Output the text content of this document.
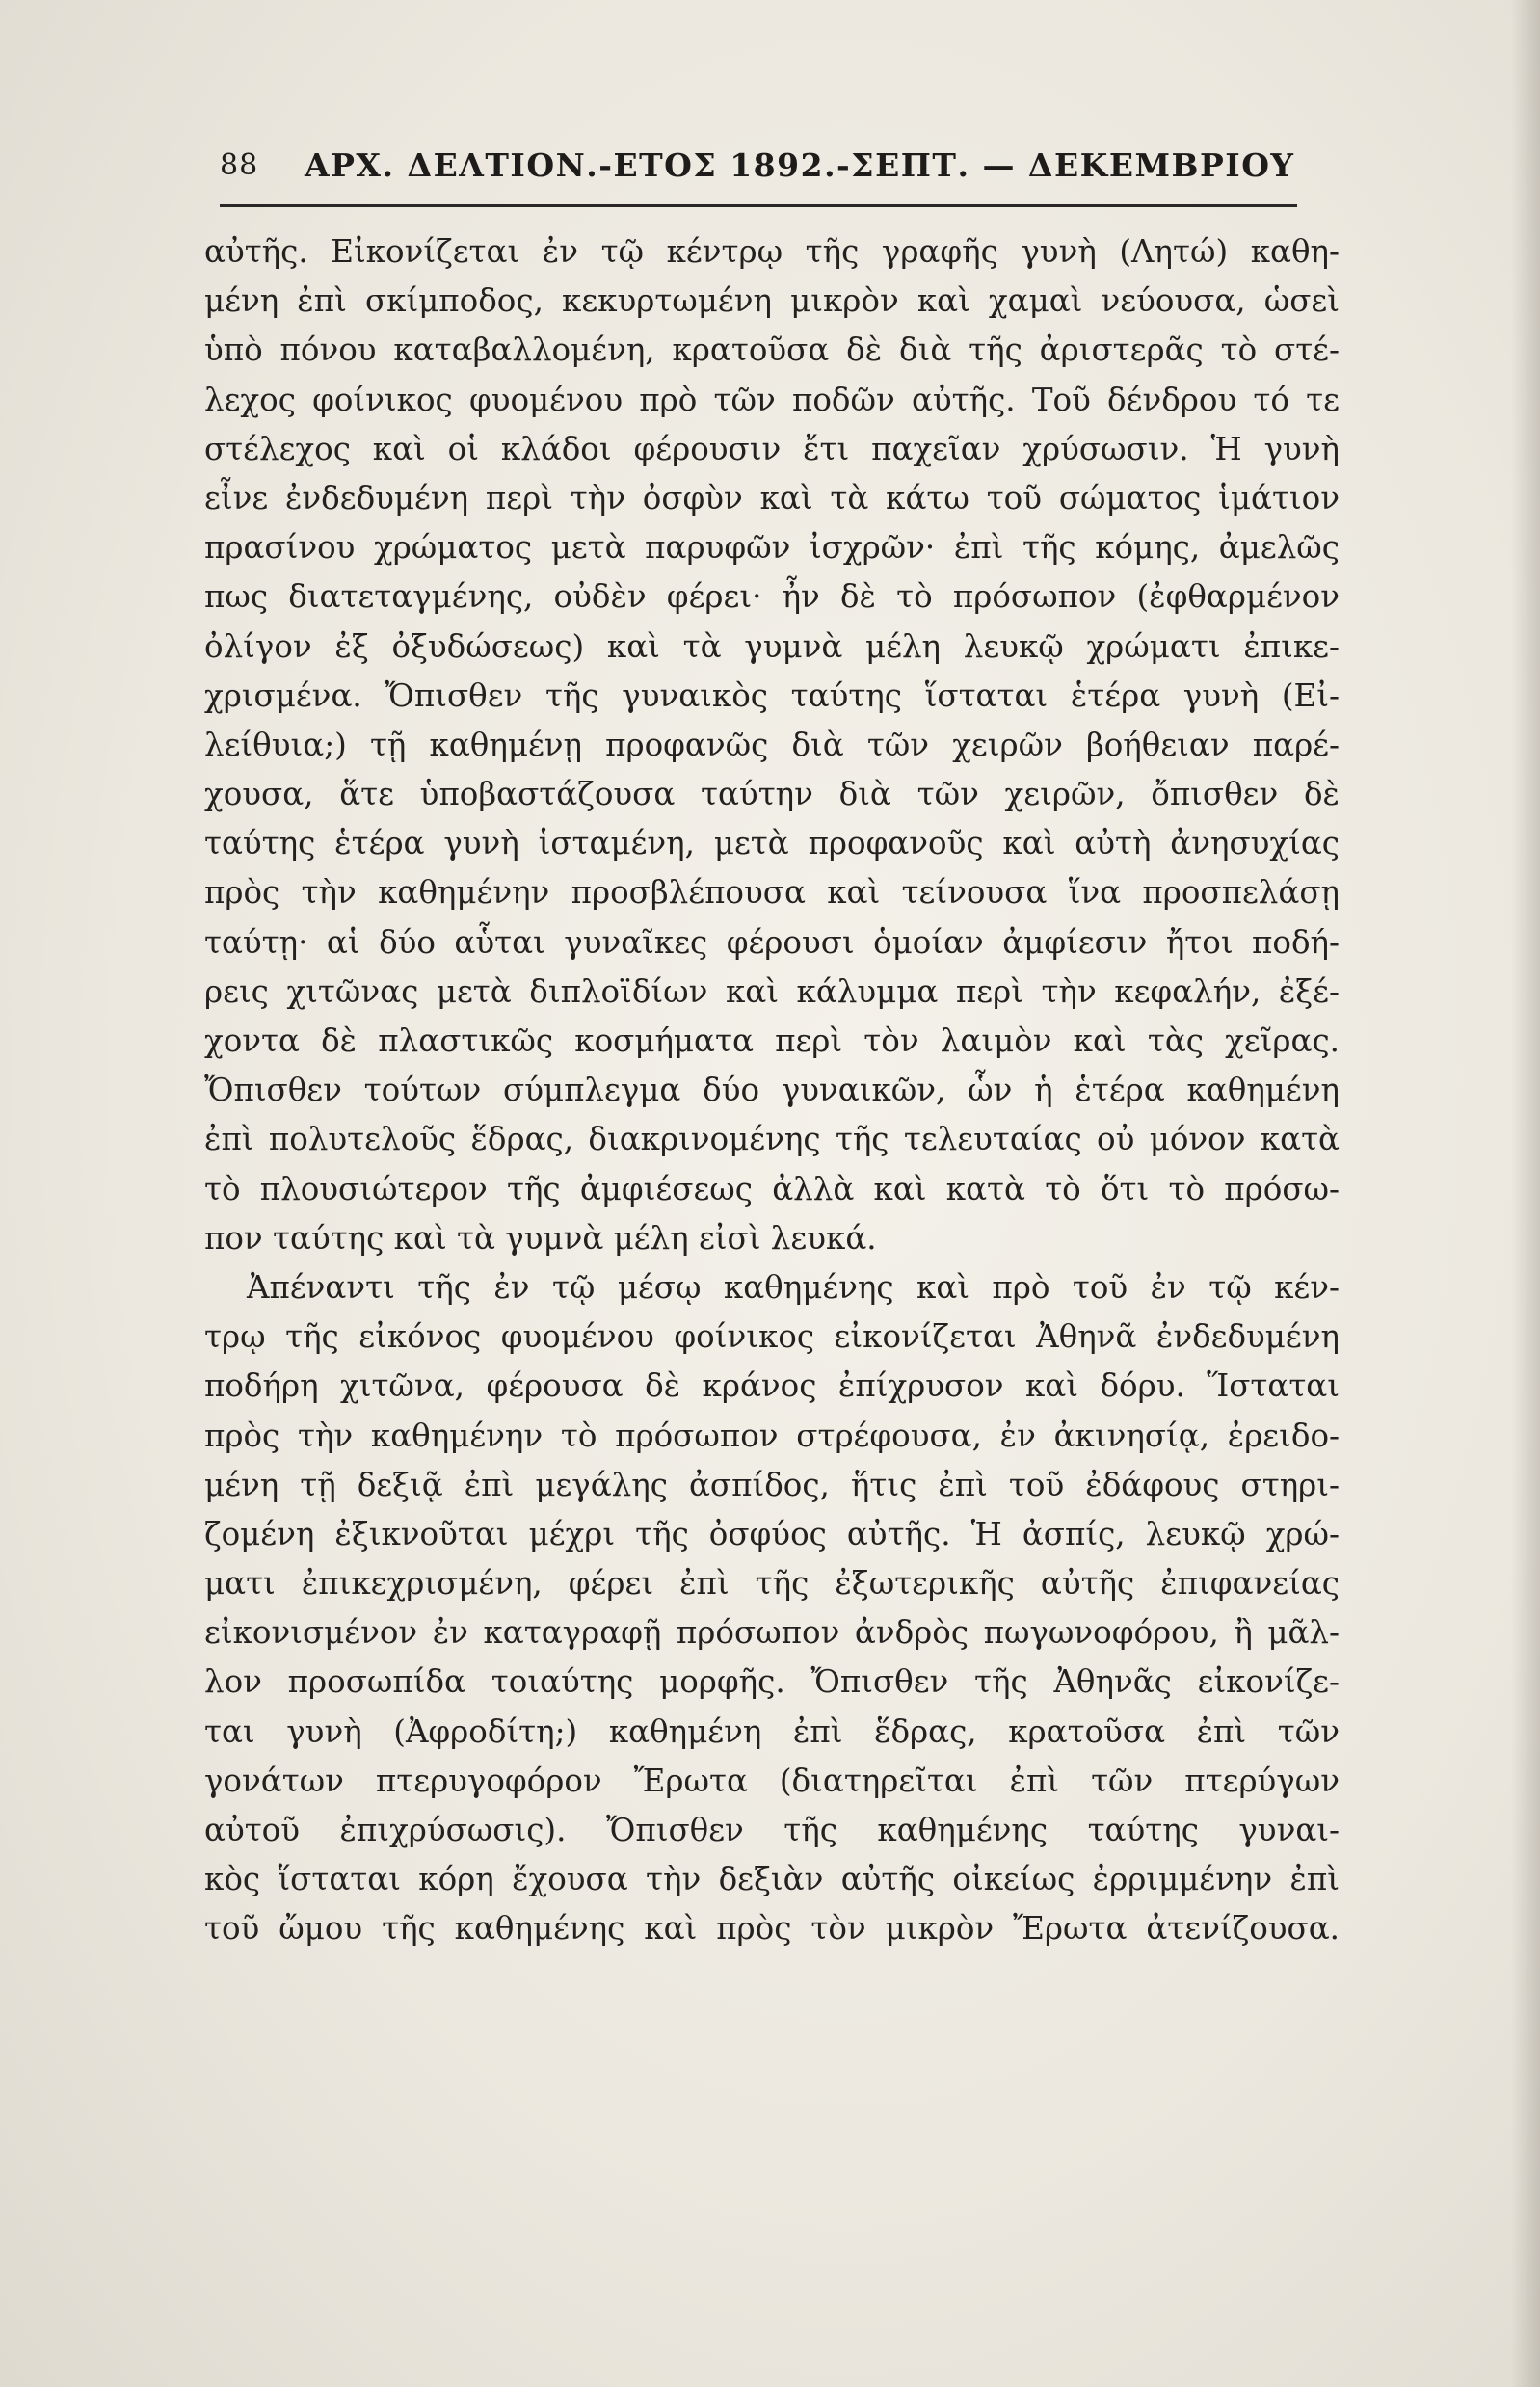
88 ΑΡΧ. ΔΕΛΤΙΟΝ.-ΕΤΟΣ 1892.-ΣΕΠΤ. — ΔΕΚΕΜΒΡΙΟΥ
αὐτῆς. Εἰκονίζεται ἐν τῷ κέντρῳ τῆς γραφῆς γυνὴ (Λητώ) καθη-
μένη ἐπὶ σκίμποδος, κεκυρτωμένη μικρὸν καὶ χαμαὶ νεύουσα, ὡσεὶ
ὑπὸ πόνου καταβαλλομένη, κρατοῦσα δὲ διὰ τῆς ἀριστερᾶς τὸ στέ-
λεχος φοίνικος φυομένου πρὸ τῶν ποδῶν αὐτῆς. Τοῦ δένδρου τό τε
στέλεχος καὶ οἱ κλάδοι φέρουσιν ἔτι παχεῖαν χρύσωσιν. Ἡ γυνὴ
εἶνε ἐνδεδυμένη περὶ τὴν ὀσφὺν καὶ τὰ κάτω τοῦ σώματος ἱμάτιον
πρασίνου χρώματος μετὰ παρυφῶν ἰσχρῶν· ἐπὶ τῆς κόμης, ἀμελῶς
πως διατεταγμένης, οὐδὲν φέρει· ἦν δὲ τὸ πρόσωπον (ἐφθαρμένον
ὀλίγον ἐξ ὀξυδώσεως) καὶ τὰ γυμνὰ μέλη λευκῷ χρώματι ἐπικε-
χρισμένα. Ὄπισθεν τῆς γυναικὸς ταύτης ἵσταται ἑτέρα γυνὴ (Εἰ-
λείθυια;) τῇ καθημένῃ προφανῶς διὰ τῶν χειρῶν βοήθειαν παρέ-
χουσα, ἅτε ὑποβαστάζουσα ταύτην διὰ τῶν χειρῶν, ὄπισθεν δὲ
ταύτης ἑτέρα γυνὴ ἱσταμένη, μετὰ προφανοῦς καὶ αὐτὴ ἀνησυχίας
πρὸς τὴν καθημένην προσβλέπουσα καὶ τείνουσα ἵνα προσπελάσῃ
ταύτῃ· αἱ δύο αὗται γυναῖκες φέρουσι ὁμοίαν ἀμφίεσιν ἤτοι ποδή-
ρεις χιτῶνας μετὰ διπλοϊδίων καὶ κάλυμμα περὶ τὴν κεφαλήν, ἐξέ-
χοντα δὲ πλαστικῶς κοσμήματα περὶ τὸν λαιμὸν καὶ τὰς χεῖρας.
Ὄπισθεν τούτων σύμπλεγμα δύο γυναικῶν, ὧν ἡ ἑτέρα καθημένη
ἐπὶ πολυτελοῦς ἕδρας, διακρινομένης τῆς τελευταίας οὐ μόνον κατὰ
τὸ πλουσιώτερον τῆς ἀμφιέσεως ἀλλὰ καὶ κατὰ τὸ ὅτι τὸ πρόσω-
πον ταύτης καὶ τὰ γυμνὰ μέλη εἰσὶ λευκά.
Ἀπέναντι τῆς ἐν τῷ μέσῳ καθημένης καὶ πρὸ τοῦ ἐν τῷ κέν-
τρῳ τῆς εἰκόνος φυομένου φοίνικος εἰκονίζεται Ἀθηνᾶ ἐνδεδυμένη
ποδήρη χιτῶνα, φέρουσα δὲ κράνος ἐπίχρυσον καὶ δόρυ. Ἵσταται
πρὸς τὴν καθημένην τὸ πρόσωπον στρέφουσα, ἐν ἀκινησίᾳ, ἐρειδο-
μένη τῇ δεξιᾷ ἐπὶ μεγάλης ἀσπίδος, ἥτις ἐπὶ τοῦ ἐδάφους στηρι-
ζομένη ἐξικνοῦται μέχρι τῆς ὀσφύος αὐτῆς. Ἡ ἀσπίς, λευκῷ χρώ-
ματι ἐπικεχρισμένη, φέρει ἐπὶ τῆς ἐξωτερικῆς αὐτῆς ἐπιφανείας
εἰκονισμένον ἐν καταγραφῇ πρόσωπον ἀνδρὸς πωγωνοφόρου, ἢ μᾶλ-
λον προσωπίδα τοιαύτης μορφῆς. Ὄπισθεν τῆς Ἀθηνᾶς εἰκονίζε-
ται γυνὴ (Ἀφροδίτη;) καθημένη ἐπὶ ἕδρας, κρατοῦσα ἐπὶ τῶν
γονάτων πτερυγοφόρον Ἔρωτα (διατηρεῖται ἐπὶ τῶν πτερύγων
αὐτοῦ ἐπιχρύσωσις). Ὄπισθεν τῆς καθημένης ταύτης γυναι-
κὸς ἵσταται κόρη ἔχουσα τὴν δεξιὰν αὐτῆς οἰκείως ἐρριμμένην ἐπὶ
τοῦ ὤμου τῆς καθημένης καὶ πρὸς τὸν μικρὸν Ἔρωτα ἀτενίζουσα.
